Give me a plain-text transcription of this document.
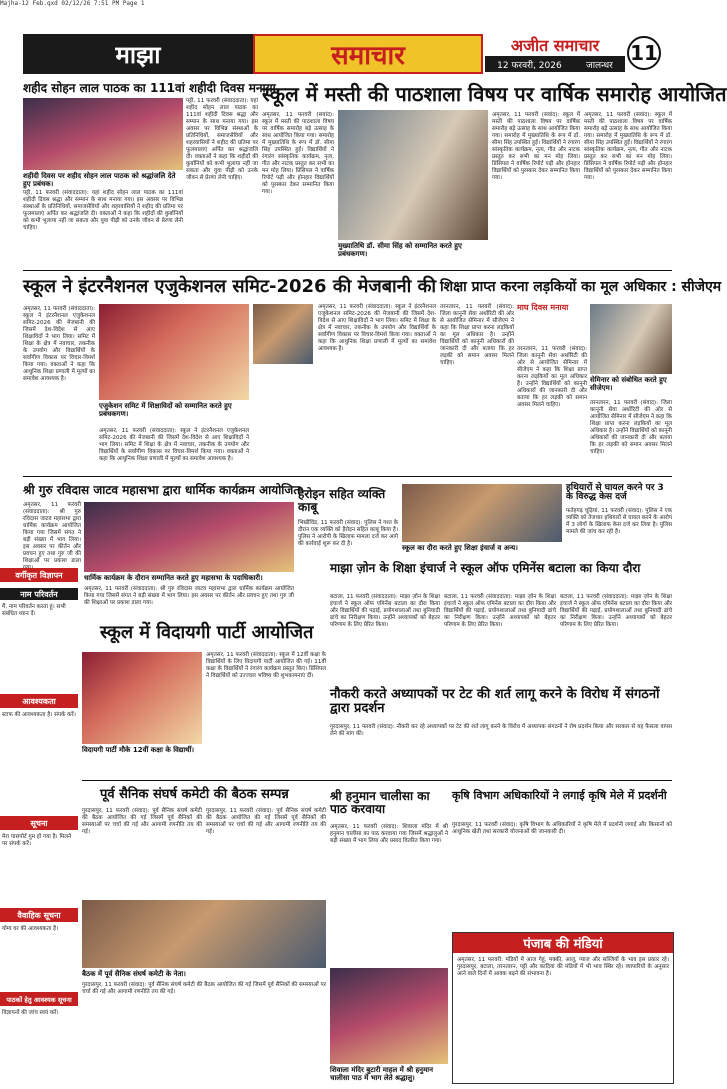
Majha-12 Feb.qxd 02/12/26 7:51 PM Page 1
माझा	समाचार	अजीत समाचार
12 फरवरी, 2026	जालन्धर
11
शहीद सोहन लाल पाठक का 111वां शहीदी दिवस मनाया
शहीदी दिवस पर शहीद सोहन लाल पाठक को श्रद्धांजलि देते हुए प्रबंधक।
पट्टी, 11 फरवरी (संवाददाता): यहां शहीद सोहन लाल पाठक का 111वां शहीदी दिवस श्रद्धा और सम्मान के साथ मनाया गया। इस अवसर पर विभिन्न संस्थाओं के प्रतिनिधियों, समाजसेवियों और शहरवासियों ने शहीद की प्रतिमा पर फूलमालाएं अर्पित कर श्रद्धांजलि दी। वक्ताओं ने कहा कि शहीदों की कुर्बानियों को कभी भुलाया नहीं जा सकता और युवा पीढ़ी को उनके जीवन से प्रेरणा लेनी चाहिए।
पट्टी, 11 फरवरी (संवाददाता): यहां शहीद सोहन लाल पाठक का 111वां शहीदी दिवस श्रद्धा और सम्मान के साथ मनाया गया। इस अवसर पर विभिन्न संस्थाओं के प्रतिनिधियों, समाजसेवियों और शहरवासियों ने शहीद की प्रतिमा पर फूलमालाएं अर्पित कर श्रद्धांजलि दी। वक्ताओं ने कहा कि शहीदों की कुर्बानियों को कभी भुलाया नहीं जा सकता और युवा पीढ़ी को उनके जीवन से प्रेरणा लेनी चाहिए।
स्कूल में मस्ती की पाठशाला विषय पर वार्षिक समारोह आयोजित
अमृतसर, 11 फरवरी (सवांद): स्कूल में मस्ती की पाठशाला विषय पर वार्षिक समारोह बड़े उत्साह के साथ आयोजित किया गया। समारोह में मुख्यातिथि के रूप में डॉ. सीमा सिंह उपस्थित हुईं। विद्यार्थियों ने रंगारंग सांस्कृतिक कार्यक्रम, नृत्य, गीत और नाटक प्रस्तुत कर सभी का मन मोह लिया। प्रिंसिपल ने वार्षिक रिपोर्ट पढ़ी और होनहार विद्यार्थियों को पुरस्कार देकर सम्मानित किया गया।
मुख्यातिथि डॉ. सीमा सिंह को सम्मानित करते हुए प्रबंधकगण।
अमृतसर, 11 फरवरी (सवांद): स्कूल में मस्ती की पाठशाला विषय पर वार्षिक समारोह बड़े उत्साह के साथ आयोजित किया गया। समारोह में मुख्यातिथि के रूप में डॉ. सीमा सिंह उपस्थित हुईं। विद्यार्थियों ने रंगारंग सांस्कृतिक कार्यक्रम, नृत्य, गीत और नाटक प्रस्तुत कर सभी का मन मोह लिया। प्रिंसिपल ने वार्षिक रिपोर्ट पढ़ी और होनहार विद्यार्थियों को पुरस्कार देकर सम्मानित किया गया।
अमृतसर, 11 फरवरी (सवांद): स्कूल में मस्ती की पाठशाला विषय पर वार्षिक समारोह बड़े उत्साह के साथ आयोजित किया गया। समारोह में मुख्यातिथि के रूप में डॉ. सीमा सिंह उपस्थित हुईं। विद्यार्थियों ने रंगारंग सांस्कृतिक कार्यक्रम, नृत्य, गीत और नाटक प्रस्तुत कर सभी का मन मोह लिया। प्रिंसिपल ने वार्षिक रिपोर्ट पढ़ी और होनहार विद्यार्थियों को पुरस्कार देकर सम्मानित किया गया।
स्कूल ने इंटरनैशनल एजुकेशनल समिट-2026 की मेजबानी की
अमृतसर, 11 फरवरी (संवाददाता): स्कूल ने इंटरनैशनल एजुकेशनल समिट-2026 की मेजबानी की जिसमें देश-विदेश से आए शिक्षाविदों ने भाग लिया। समिट में शिक्षा के क्षेत्र में नवाचार, तकनीक के उपयोग और विद्यार्थियों के सर्वांगीण विकास पर विचार-विमर्श किया गया। वक्ताओं ने कहा कि आधुनिक शिक्षा प्रणाली में मूल्यों का समावेश आवश्यक है।
एजुकेशन समिट में शिक्षाविदों को सम्मानित करते हुए प्रबंधकगण।
अमृतसर, 11 फरवरी (संवाददाता): स्कूल ने इंटरनैशनल एजुकेशनल समिट-2026 की मेजबानी की जिसमें देश-विदेश से आए शिक्षाविदों ने भाग लिया। समिट में शिक्षा के क्षेत्र में नवाचार, तकनीक के उपयोग और विद्यार्थियों के सर्वांगीण विकास पर विचार-विमर्श किया गया। वक्ताओं ने कहा कि आधुनिक शिक्षा प्रणाली में मूल्यों का समावेश आवश्यक है।
अमृतसर, 11 फरवरी (संवाददाता): स्कूल ने इंटरनैशनल एजुकेशनल समिट-2026 की मेजबानी की जिसमें देश-विदेश से आए शिक्षाविदों ने भाग लिया। समिट में शिक्षा के क्षेत्र में नवाचार, तकनीक के उपयोग और विद्यार्थियों के सर्वांगीण विकास पर विचार-विमर्श किया गया। वक्ताओं ने कहा कि आधुनिक शिक्षा प्रणाली में मूल्यों का समावेश आवश्यक है।
शिक्षा प्राप्त करना लड़कियों का मूल अधिकार : सीजेएम
तरनतारन, 11 फरवरी (संवाद): जिला कानूनी सेवा अथॉरिटी की ओर से आयोजित सेमिनार में सीजेएम ने कहा कि शिक्षा प्राप्त करना लड़कियों का मूल अधिकार है। उन्होंने विद्यार्थियों को कानूनी अधिकारों की जानकारी दी और बताया कि हर लड़की को समान अवसर मिलने चाहिए।
माघ दिवस मनाया
सेमिनार को संबोधित करते हुए सीजेएम।
तरनतारन, 11 फरवरी (संवाद): जिला कानूनी सेवा अथॉरिटी की ओर से आयोजित सेमिनार में सीजेएम ने कहा कि शिक्षा प्राप्त करना लड़कियों का मूल अधिकार है। उन्होंने विद्यार्थियों को कानूनी अधिकारों की जानकारी दी और बताया कि हर लड़की को समान अवसर मिलने चाहिए।	तरनतारन, 11 फरवरी (संवाद): जिला कानूनी सेवा अथॉरिटी की ओर से आयोजित सेमिनार में सीजेएम ने कहा कि शिक्षा प्राप्त करना लड़कियों का मूल अधिकार है। उन्होंने विद्यार्थियों को कानूनी अधिकारों की जानकारी दी और बताया कि हर लड़की को समान अवसर मिलने चाहिए।
श्री गुरु रविदास जाटव महासभा द्वारा धार्मिक कार्यक्रम आयोजित
अमृतसर, 11 फरवरी (संवाददाता): श्री गुरु रविदास जाटव महासभा द्वारा धार्मिक कार्यक्रम आयोजित किया गया जिसमें संगत ने बड़ी संख्या में भाग लिया। इस अवसर पर कीर्तन और प्रवचन हुए तथा गुरु जी की शिक्षाओं पर प्रकाश डाला
धार्मिक कार्यक्रम के दौरान सम्मानित करते हुए महासभा के पदाधिकारी।
अमृतसर, 11 फरवरी (संवाददाता): श्री गुरु रविदास जाटव महासभा द्वारा धार्मिक कार्यक्रम आयोजित किया गया जिसमें संगत ने बड़ी संख्या में भाग लिया। इस अवसर पर कीर्तन और प्रवचन हुए तथा गुरु जी की शिक्षाओं पर प्रकाश डाला गया।
हैरोइन सहित व्यक्ति काबू
भिखीविंड, 11 फरवरी (संवाद): पुलिस ने गश्त के दौरान एक व्यक्ति को हैरोइन सहित काबू किया है। पुलिस ने आरोपी के खिलाफ मामला दर्ज कर आगे की कार्रवाई शुरू कर दी है।	स्कूल का दौरा करते हुए शिक्षा इंचार्ज व अन्य।
माझा ज़ोन के शिक्षा इंचार्ज ने स्कूल ऑफ एमिनेंस बटाला का किया दौरा
बटाला, 11 फरवरी (संवाददाता): माझा ज़ोन के शिक्षा इंचार्ज ने स्कूल ऑफ एमिनेंस बटाला का दौरा किया और विद्यार्थियों की पढ़ाई, प्रयोगशालाओं तथा बुनियादी ढांचे का निरीक्षण किया। उन्होंने अध्यापकों को बेहतर परिणाम के लिए प्रेरित किया।
बटाला, 11 फरवरी (संवाददाता): माझा ज़ोन के शिक्षा इंचार्ज ने स्कूल ऑफ एमिनेंस बटाला का दौरा किया और विद्यार्थियों की पढ़ाई, प्रयोगशालाओं तथा बुनियादी ढांचे का निरीक्षण किया। उन्होंने अध्यापकों को बेहतर परिणाम के लिए प्रेरित किया।
बटाला, 11 फरवरी (संवाददाता): माझा ज़ोन के शिक्षा इंचार्ज ने स्कूल ऑफ एमिनेंस बटाला का दौरा किया और विद्यार्थियों की पढ़ाई, प्रयोगशालाओं तथा बुनियादी ढांचे का निरीक्षण किया। उन्होंने अध्यापकों को बेहतर परिणाम के लिए प्रेरित किया।
हथियारों से घायल करने पर 3 के विरुद्ध केस दर्ज
फतेहगढ़ चूड़ियां, 11 फरवरी (संवाद): पुलिस ने एक व्यक्ति को तेजधार हथियारों से घायल करने के आरोप में 3 लोगों के खिलाफ केस दर्ज कर लिया है। पुलिस मामले की जांच कर रही है।
वर्गीकृत विज्ञापन
नाम परिवर्तन
मैं, नाम परिवर्तन करता हूं। सभी संबंधित ध्यान दें।
आवश्यकता
स्टाफ की आवश्यकता है। संपर्क करें।
सूचना
मेरा पासपोर्ट गुम हो गया है। मिलने पर संपर्क करें।
वैवाहिक सूचना
योग्य वर की आवश्यकता है।
पाठकों हेतु आवश्यक सूचना
विज्ञापनों की जांच स्वयं करें।
स्कूल में विदायगी पार्टी आयोजित
विदायगी पार्टी मौके 12वीं कक्षा के विद्यार्थी।
अमृतसर, 11 फरवरी (संवाददाता): स्कूल में 12वीं कक्षा के विद्यार्थियों के लिए विदायगी पार्टी आयोजित की गई। 11वीं कक्षा के विद्यार्थियों ने रंगारंग कार्यक्रम प्रस्तुत किए। प्रिंसिपल ने विद्यार्थियों को उज्ज्वल भविष्य की शुभकामनाएं दीं।
नौकरी करते अध्यापकों पर टेट की शर्त लागू करने के विरोध में संगठनों द्वारा प्रदर्शन
गुरदासपुर, 11 फरवरी (संवाद): नौकरी कर रहे अध्यापकों पर टेट की शर्त लागू करने के विरोध में अध्यापक संगठनों ने रोष प्रदर्शन किया और सरकार से यह फैसला वापस लेने की मांग की।
पूर्व सैनिक संघर्ष कमेटी की बैठक सम्पन्न
गुरदासपुर, 11 फरवरी (संवाद): पूर्व सैनिक संघर्ष कमेटी की बैठक आयोजित की गई जिसमें पूर्व सैनिकों की समस्याओं पर चर्चा की गई और आगामी रणनीति तय की गई।
गुरदासपुर, 11 फरवरी (संवाद): पूर्व सैनिक संघर्ष कमेटी की बैठक आयोजित की गई जिसमें पूर्व सैनिकों की समस्याओं पर चर्चा की गई और आगामी रणनीति तय की गई।
बैठक में पूर्व सैनिक संघर्ष कमेटी के नेता।
गुरदासपुर, 11 फरवरी (संवाद): पूर्व सैनिक संघर्ष कमेटी की बैठक आयोजित की गई जिसमें पूर्व सैनिकों की समस्याओं पर चर्चा की गई और आगामी रणनीति तय की गई।
श्री हनुमान चालीसा का पाठ करवाया
अमृतसर, 11 फरवरी (संवाद): शिवाला मंदिर में श्री हनुमान चालीसा का पाठ करवाया गया जिसमें श्रद्धालुओं ने बड़ी संख्या में भाग लिया और प्रसाद वितरित किया गया।
शिवाला मंदिर बुटारी माहल में श्री हनुमान चालीसा पाठ में भाग लेते श्रद्धालु।
कृषि विभाग अधिकारियों ने लगाई कृषि मेले में प्रदर्शनी
गुरदासपुर, 11 फरवरी (संवाद): कृषि विभाग के अधिकारियों ने कृषि मेले में प्रदर्शनी लगाई और किसानों को आधुनिक खेती तथा सरकारी योजनाओं की जानकारी दी।
पंजाब की मंडियां
अमृतसर, 11 फरवरी: मंडियों में आज गेहूं, मक्की, आलू, प्याज और सब्जियों के भाव इस प्रकार रहे। गुरदासपुर, बटाला, तरनतारन, पट्टी और कादियां की मंडियों में भी भाव स्थिर रहे। व्यापारियों के अनुसार आने वाले दिनों में आवक बढ़ने की संभावना है।
